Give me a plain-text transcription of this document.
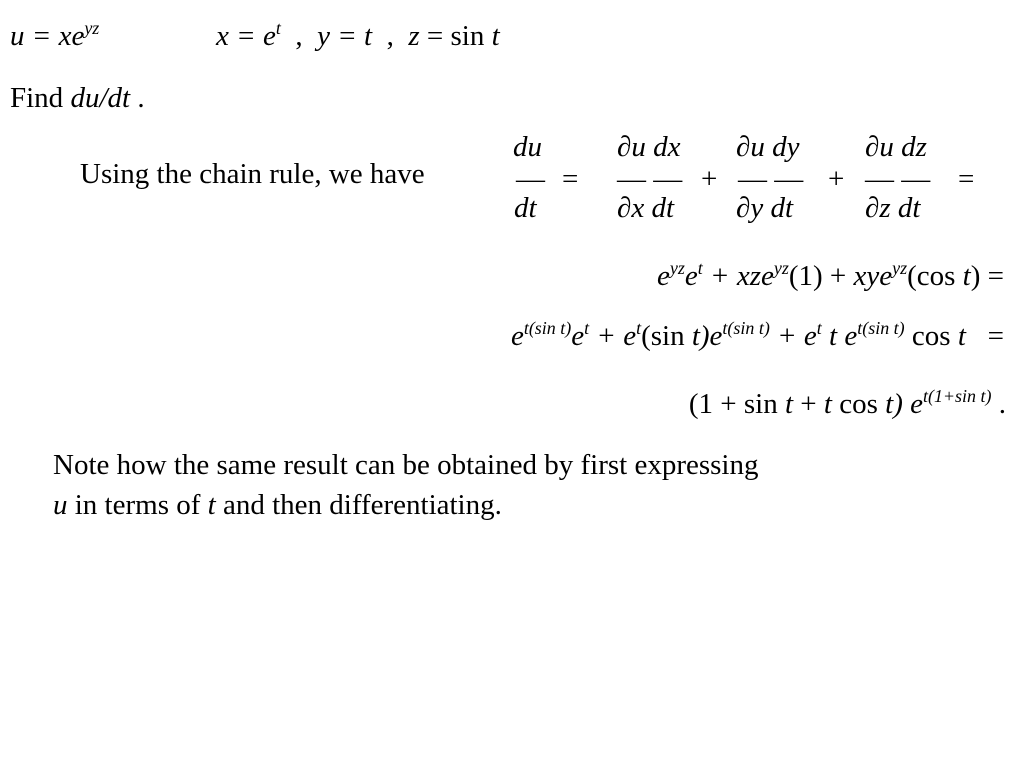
$u = xe^{yz}$	$x = e^t$  ,  y = t  ,  z = sin t
Find du/dt .
Using the chain rule, we have
du
—
dt
=
∂u dx
— —
∂x dt
+
∂u dy
— —
∂y dt
+
∂u dz
— —
∂z dt
=
$e^{yz}e^t + xze^{yz}(1) + xye^{yz}(\cos$ t) =
$e^{t(sin t)}e^t + e^t(\sin$ $t)e^{t(sin t)} + e^t$ t $e^{t(sin t)}$ cos t   =
(1 + sin t + t cos t) $e^{t(1+sin t)}$ .
Note how the same result can be obtained by first expressing
u in terms of t and then differentiating.
